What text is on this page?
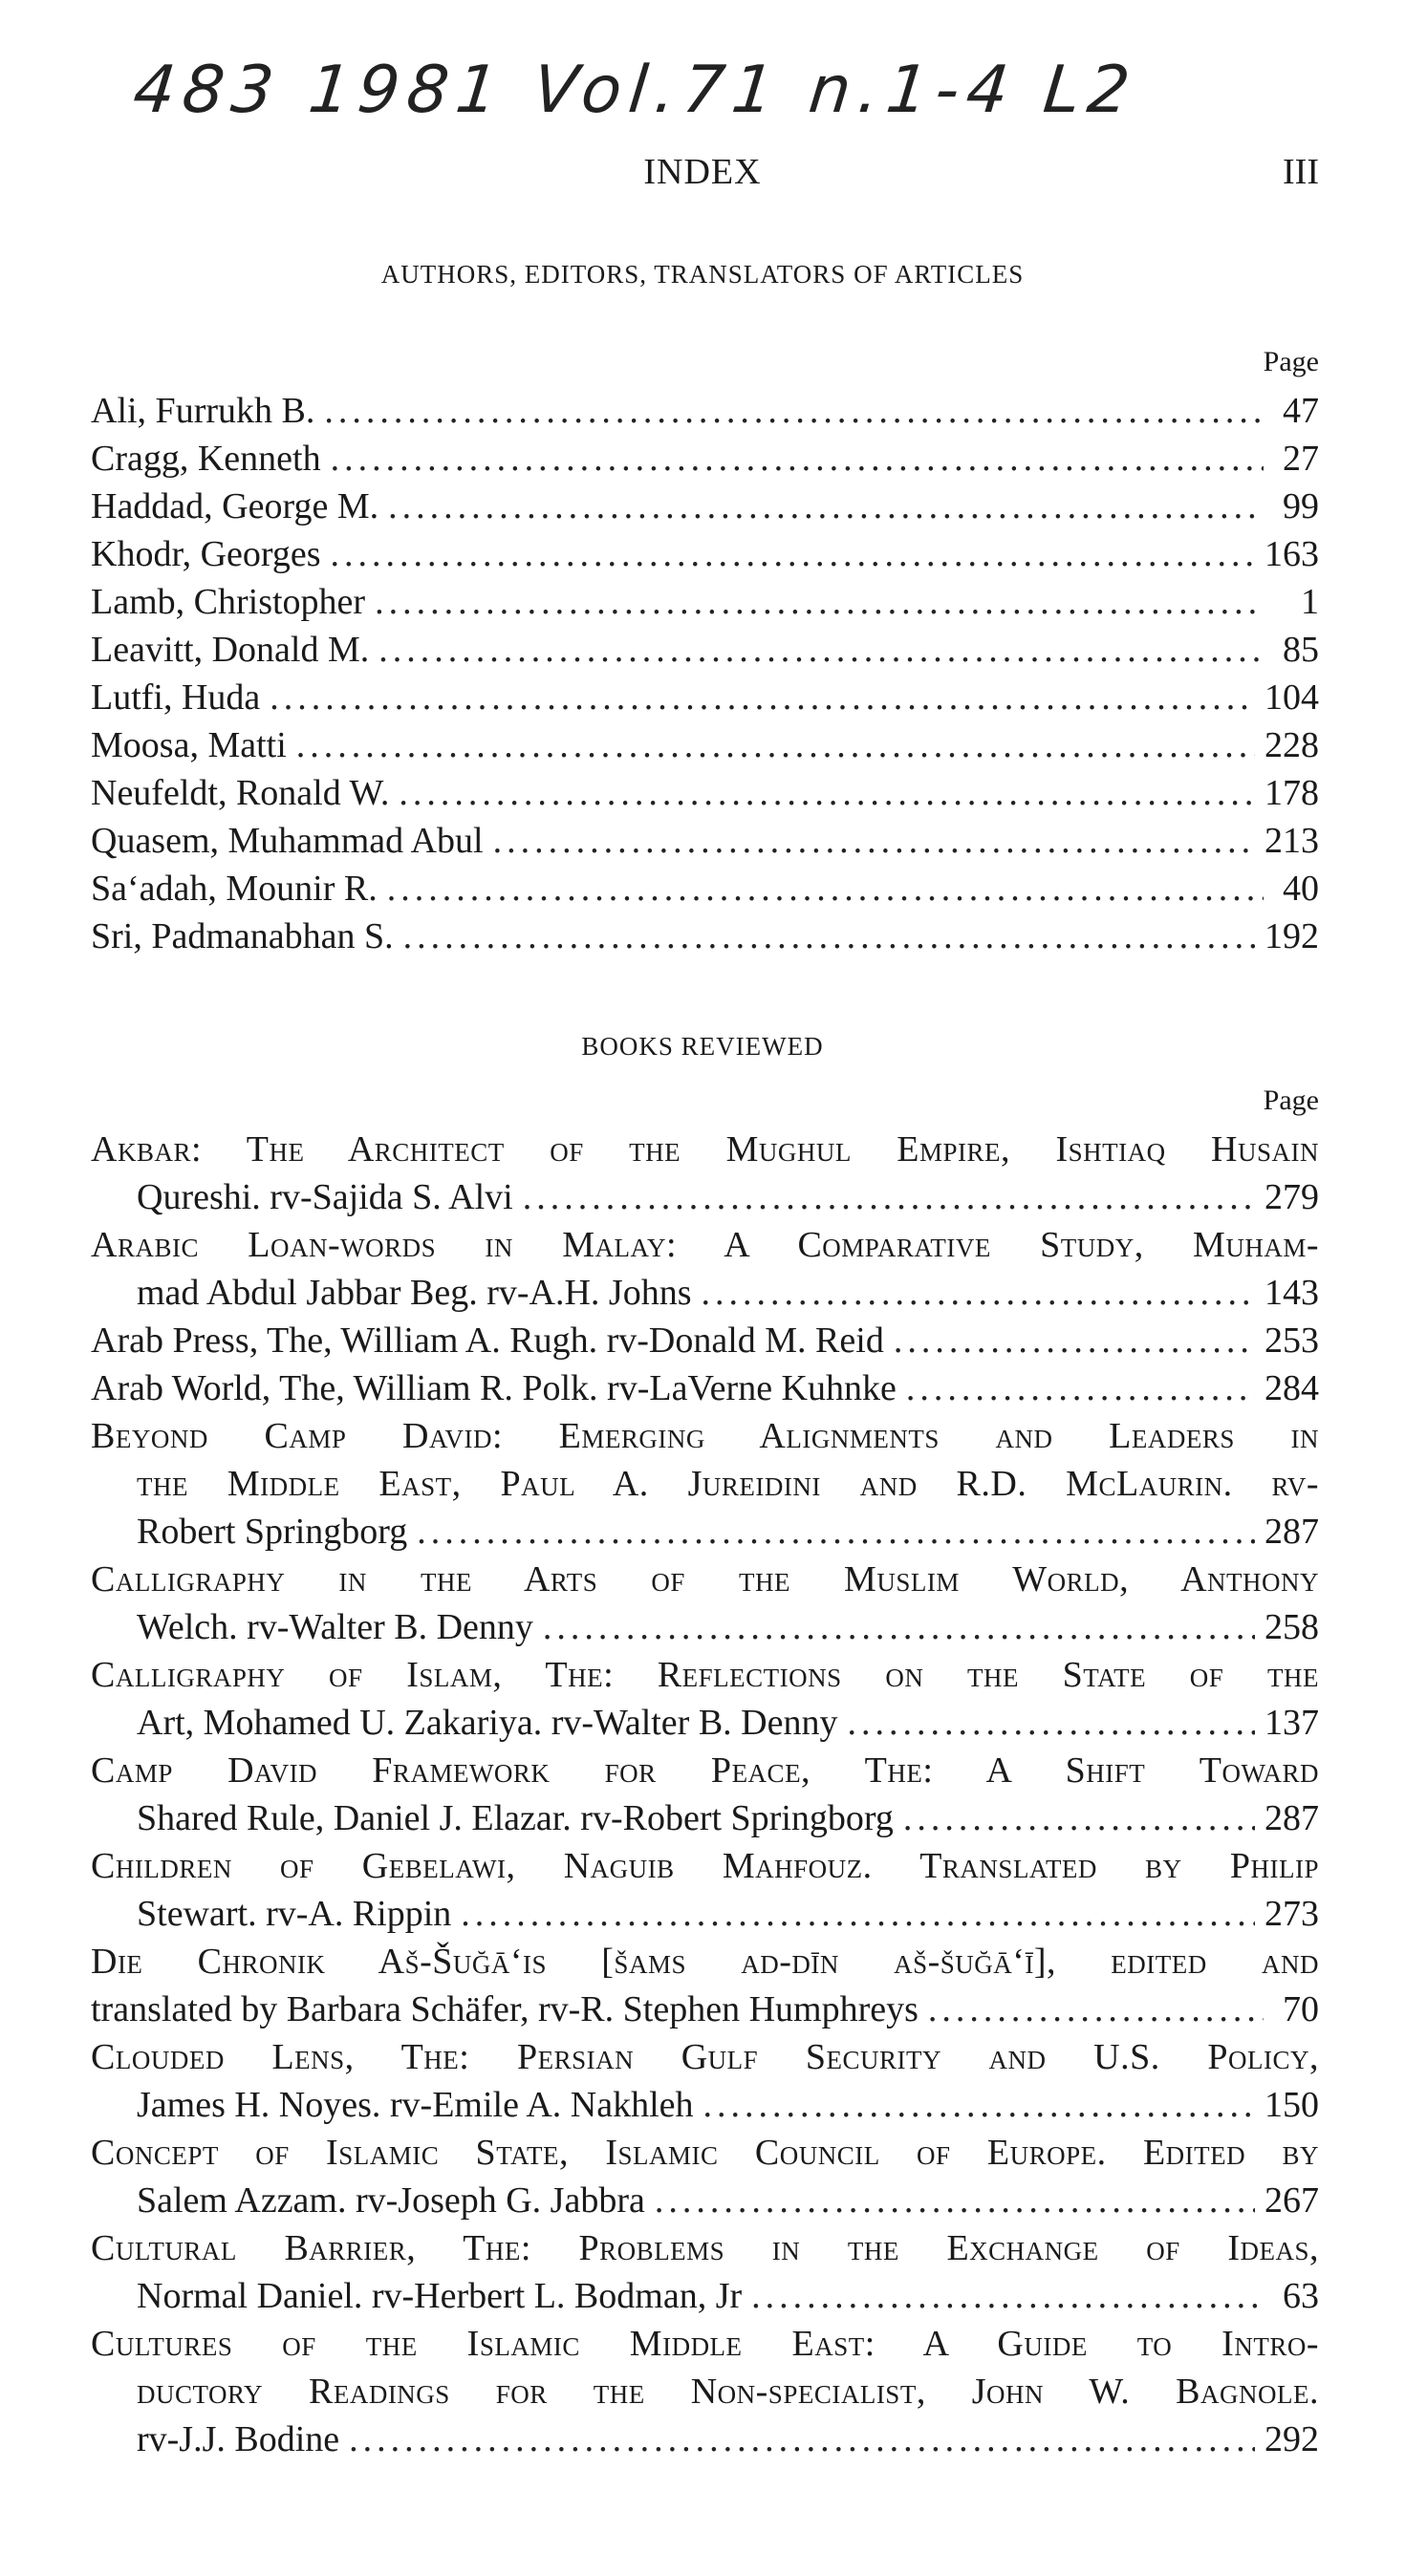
483 1981 Vol.71 n.1-4 L2
INDEX	III
AUTHORS, EDITORS, TRANSLATORS OF ARTICLES
Page
Ali, Furrukh B. .....	47
Cragg, Kenneth .....	27
Haddad, George M. .....	99
Khodr, Georges .....	163
Lamb, Christopher .....	1
Leavitt, Donald M. .....	85
Lutfi, Huda .....	104
Moosa, Matti .....	228
Neufeldt, Ronald W. .....	178
Quasem, Muhammad Abul .....	213
Sa‘adah, Mounir R. .....	40
Sri, Padmanabhan S. .....	192
BOOKS REVIEWED
Page
Akbar: The Architect of the Mughul Empire, Ishtiaq Husain
Qureshi. rv-Sajida S. Alvi .....	279
Arabic Loan-words in Malay: A Comparative Study, Muham-
mad Abdul Jabbar Beg. rv-A.H. Johns .....	143
Arab Press, The, William A. Rugh. rv-Donald M. Reid .....	253
Arab World, The, William R. Polk. rv-LaVerne Kuhnke .....	284
Beyond Camp David: Emerging Alignments and Leaders in
the Middle East, Paul A. Jureidini and R.D. McLaurin. rv-
Robert Springborg .....	287
Calligraphy in the Arts of the Muslim World, Anthony
Welch. rv-Walter B. Denny .....	258
Calligraphy of Islam, The: Reflections on the State of the
Art, Mohamed U. Zakariya. rv-Walter B. Denny .....	137
Camp David Framework for Peace, The: A Shift Toward
Shared Rule, Daniel J. Elazar. rv-Robert Springborg .....	287
Children of Gebelawi, Naguib Mahfouz. Translated by Philip
Stewart. rv-A. Rippin .....	273
Die Chronik Aš-Šuğā‘ıs [šams ad-dīn aš-šuğā‘ī], edited and
translated by Barbara Schäfer, rv-R. Stephen Humphreys .....	70
Clouded Lens, The: Persian Gulf Security and U.S. Policy,
James H. Noyes. rv-Emile A. Nakhleh .....	150
Concept of Islamic State, Islamic Council of Europe. Edited by
Salem Azzam. rv-Joseph G. Jabbra .....	267
Cultural Barrier, The: Problems in the Exchange of Ideas,
Normal Daniel. rv-Herbert L. Bodman, Jr .....	63
Cultures of the Islamic Middle East: A Guide to Intro-
ductory Readings for the Non-specialist, John W. Bagnole.
rv-J.J. Bodine .....	292
